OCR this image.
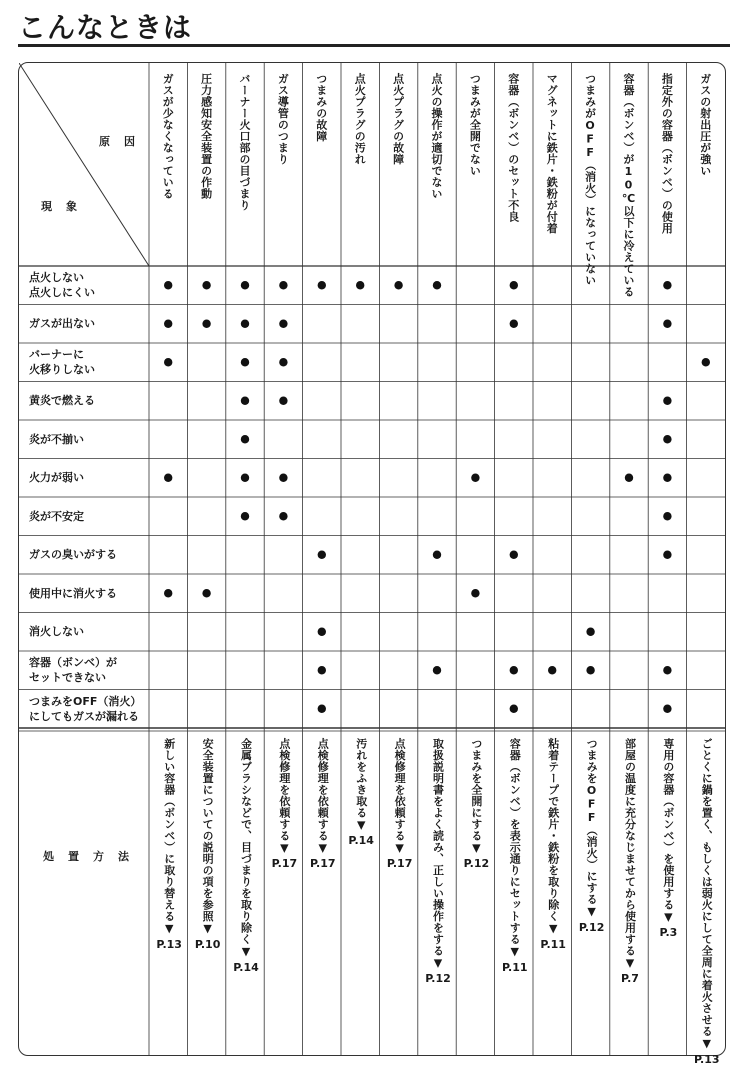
こんなときは
原因
現象
ガスが少なくなっている 圧力感知安全装置の作動 バーナー火口部の目づまり ガス導管のつまり つまみの故障 点火プラグの汚れ 点火プラグの故障 点火の操作が適切でない つまみが全開でない 容器（ボンベ）のセット不良 マグネットに鉄片・鉄粉が付着 つまみがOFF（消火）になっていない 容器（ボンベ）が10℃以下に冷えている 指定外の容器（ボンベ）の使用 ガスの射出圧が強い
点火しない
点火しにくい
ガスが出ない
バーナーに
火移りしない
黄炎で燃える
炎が不揃い
火力が弱い
炎が不安定
ガスの臭いがする
使用中に消火する
消火しない
容器（ボンベ）が
セットできない
つまみをOFF（消火）
にしてもガスが漏れる
処置方法 新しい容器（ボンベ）に取り替える▼
P.13
安全装置についての説明の項を参照▼
P.10 金属ブラシなどで、目づまりを取り除く▼
P.14
点検修理を依頼する▼
P.17
点検修理を依頼する▼
P.17
汚れをふき取る▼
P.14 点検修理を依頼する▼
P.17 取扱説明書をよく読み、正しい操作をする▼
P.12
つまみを全開にする▼
P.12 容器（ボンベ）を表示通りにセットする▼
P.11
粘着テープで鉄片・鉄粉を取り除く▼
P.11
つまみをOFF（消火）にする▼
P.12 部屋の温度に充分なじませてから使用する▼
P.7
専用の容器（ボンベ）を使用する▼
P.3	ごとくに鍋を置く、もしくは弱火にして全周に着火させる▼
P.13
